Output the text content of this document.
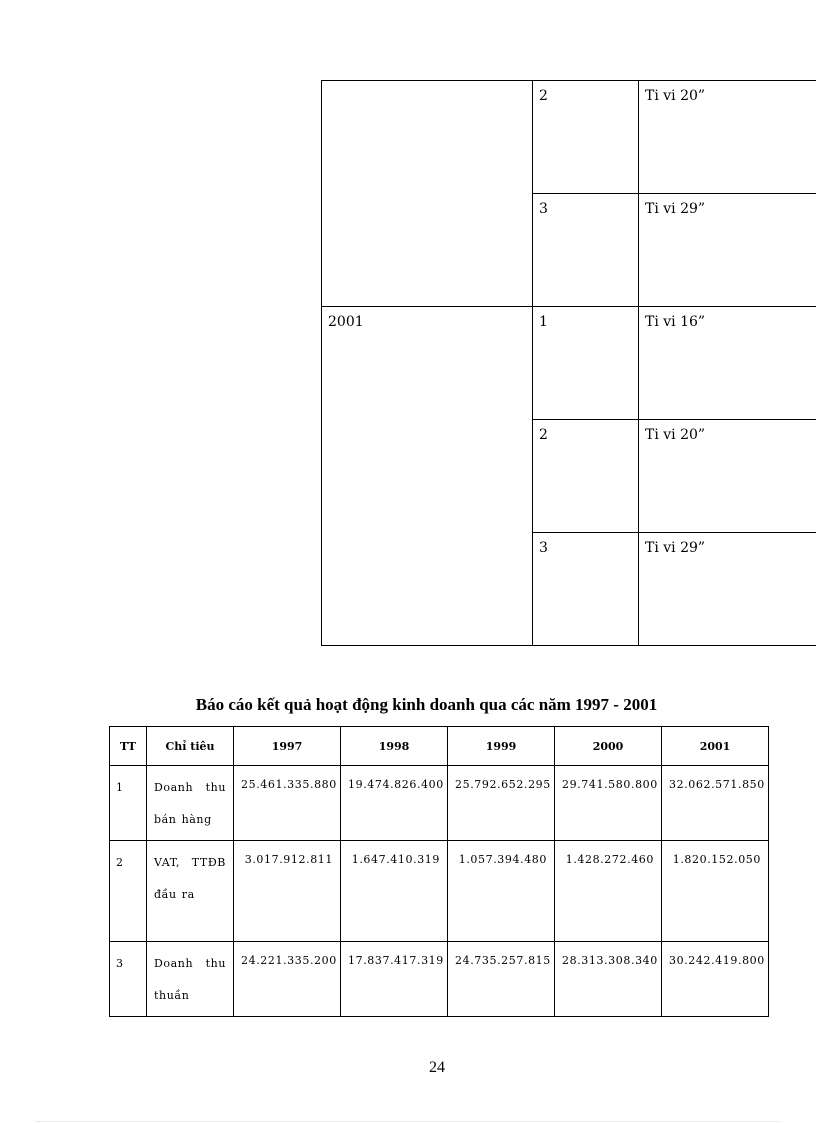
	2	Ti vi 20”
	3	Ti vi 29”
2001	1	Ti vi 16”
	2	Ti vi 20”
	3	Ti vi 29”
Báo cáo kết quả hoạt động kinh doanh qua các năm 1997 - 2001
TT	Chỉ tiêu	1997	1998	1999	2000	2001
1	Doanh thu bán hàng	25.461.335.880	19.474.826.400	25.792.652.295	29.741.580.800	32.062.571.850
2	VAT, TTĐB đầu ra	3.017.912.811	1.647.410.319	1.057.394.480	1.428.272.460	1.820.152.050
3	Doanh thu thuần	24.221.335.200	17.837.417.319	24.735.257.815	28.313.308.340	30.242.419.800
24
